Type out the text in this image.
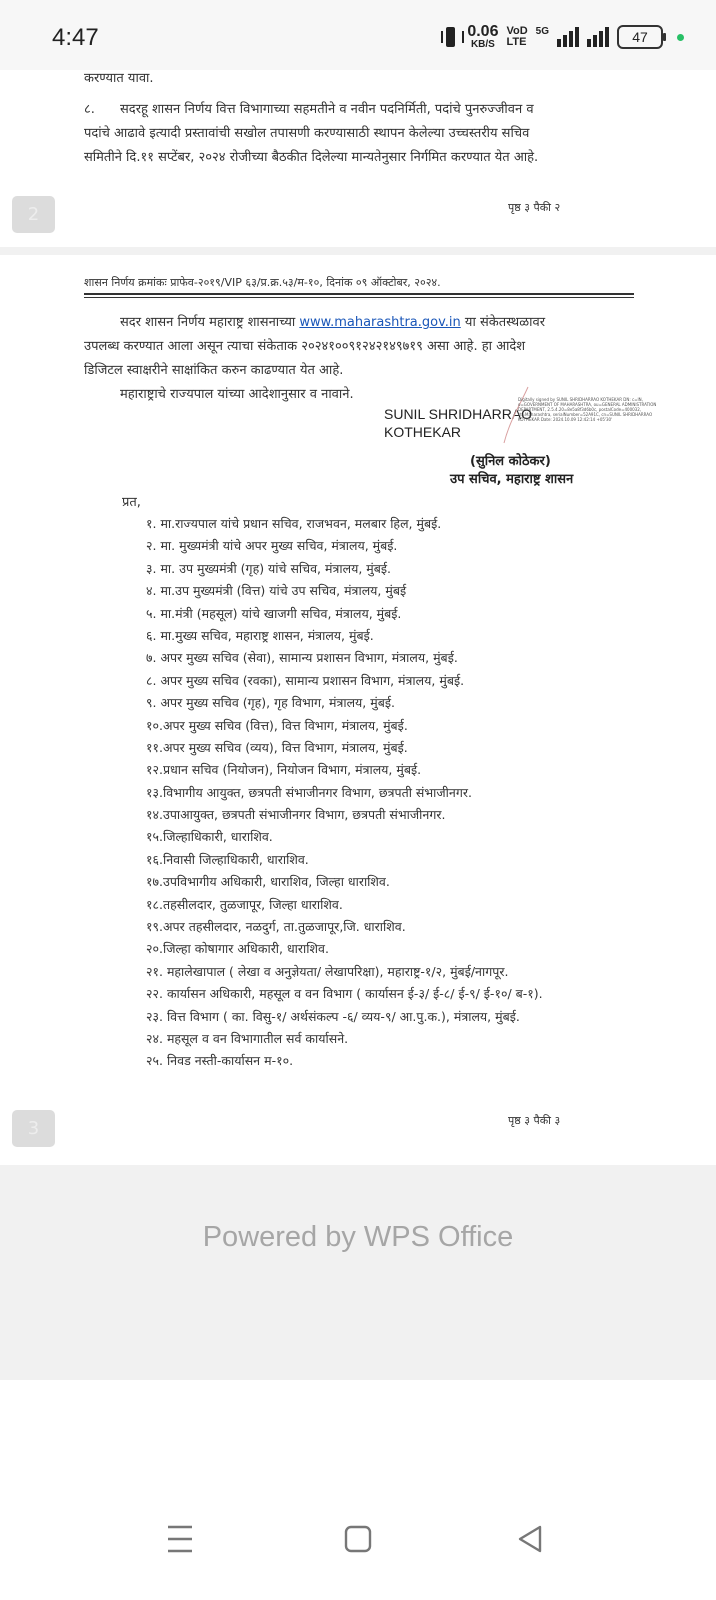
4:47	0.06
KB/S
VoD
LTE
5G	47
करण्यात यावा.
८. सदरहू शासन निर्णय वित्त विभागाच्या सहमतीने व नवीन पदनिर्मिती, पदांचे पुनरुज्जीवन व
पदांचे आढावे इत्यादी प्रस्तावांची सखोल तपासणी करण्यासाठी स्थापन केलेल्या उच्चस्तरीय सचिव
समितीने दि.११ सप्टेंबर, २०२४ रोजीच्या बैठकीत दिलेल्या मान्यतेनुसार निर्गमित करण्यात येत आहे.
2	पृष्ठ ३ पैकी २
शासन निर्णय क्रमांकः प्राफेव-२०१९/VIP ६३/प्र.क्र.५३/म-१०, दिनांक ०९ ऑक्टोबर, २०२४.
सदर शासन निर्णय महाराष्ट्र शासनाच्या www.maharashtra.gov.in या संकेतस्थळावर
उपलब्ध करण्यात आला असून त्याचा संकेताक २०२४१००९१२४२१४९७१९ असा आहे. हा आदेश
डिजिटल स्वाक्षरीने साक्षांकित करुन काढण्यात येत आहे.
महाराष्ट्राचे राज्यपाल यांच्या आदेशानुसार व नावाने.
SUNIL SHRIDHARRAO
KOTHEKAR
Digitally signed by SUNIL SHRIDHARRAO KOTHEKAR DN: c=IN, o=GOVERNMENT OF MAHARASHTRA, ou=GENERAL ADMINISTRATION DEPARTMENT, 2.5.4.20=8e5a8f3d6b0c, postalCode=400032, st=Maharashtra, serialNumber=52A91C, cn=SUNIL SHRIDHARRAO KOTHEKAR Date: 2024.10.09 12:42:14 +05'30'
(सुनिल कोठेकर)
उप सचिव, महाराष्ट्र शासन
प्रत,
१. मा.राज्यपाल यांचे प्रधान सचिव, राजभवन, मलबार हिल, मुंबई.
२. मा. मुख्यमंत्री यांचे अपर मुख्य सचिव, मंत्रालय, मुंबई.
३. मा. उप मुख्यमंत्री (गृह) यांचे सचिव, मंत्रालय, मुंबई.
४. मा.उप मुख्यमंत्री (वित्त) यांचे उप सचिव, मंत्रालय, मुंबई
५. मा.मंत्री (महसूल) यांचे खाजगी सचिव, मंत्रालय, मुंबई.
६. मा.मुख्य सचिव, महाराष्ट्र शासन, मंत्रालय, मुंबई.
७. अपर मुख्य सचिव (सेवा), सामान्य प्रशासन विभाग, मंत्रालय, मुंबई.
८. अपर मुख्य सचिव (रवका), सामान्य प्रशासन विभाग, मंत्रालय, मुंबई.
९. अपर मुख्य सचिव (गृह), गृह विभाग, मंत्रालय, मुंबई.
१०.अपर मुख्य सचिव (वित्त), वित्त विभाग, मंत्रालय, मुंबई.
११.अपर मुख्य सचिव (व्यय), वित्त विभाग, मंत्रालय, मुंबई.
१२.प्रधान सचिव (नियोजन), नियोजन विभाग, मंत्रालय, मुंबई.
१३.विभागीय आयुक्त, छत्रपती संभाजीनगर विभाग, छत्रपती संभाजीनगर.
१४.उपाआयुक्त, छत्रपती संभाजीनगर विभाग, छत्रपती संभाजीनगर.
१५.जिल्हाधिकारी, धाराशिव.
१६.निवासी जिल्हाधिकारी, धाराशिव.
१७.उपविभागीय अधिकारी, धाराशिव, जिल्हा धाराशिव.
१८.तहसीलदार, तुळजापूर, जिल्हा धाराशिव.
१९.अपर तहसीलदार, नळदुर्ग, ता.तुळजापूर,जि. धाराशिव.
२०.जिल्हा कोषागार अधिकारी, धाराशिव.
२१. महालेखापाल ( लेखा व अनुज्ञेयता/ लेखापरिक्षा), महाराष्ट्र-१/२, मुंबई/नागपूर.
२२. कार्यासन अधिकारी, महसूल व वन विभाग ( कार्यासन ई-३/ ई-८/ ई-९/ ई-१०/ ब-१).
२३. वित्त विभाग ( का. विसु-१/ अर्थसंकल्प -६/ व्यय-९/ आ.पु.क.), मंत्रालय, मुंबई.
२४. महसूल व वन विभागातील सर्व कार्यासने.
२५. निवड नस्ती-कार्यासन म-१०.
3	पृष्ठ ३ पैकी ३
Powered by WPS Office
